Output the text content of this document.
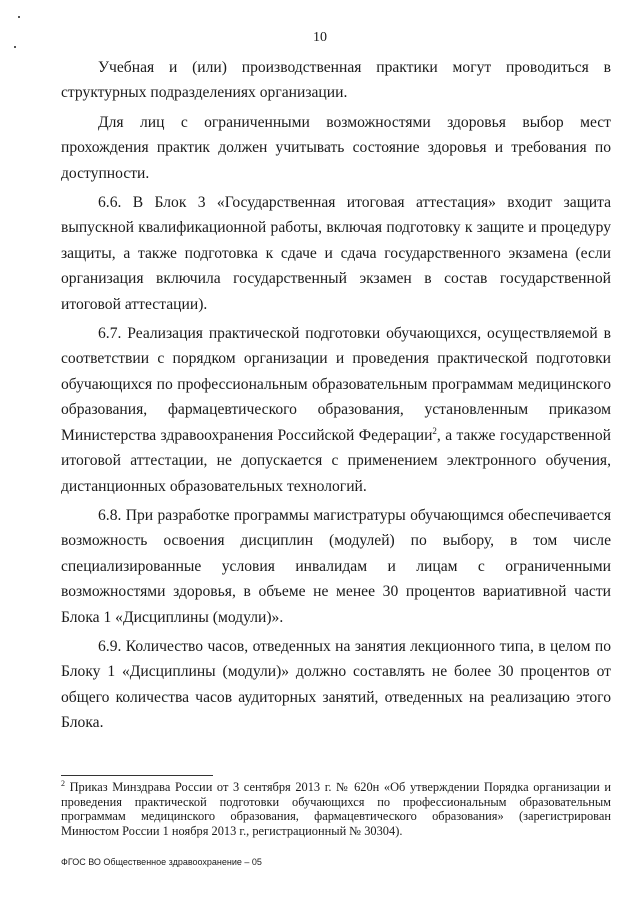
10

Учебная и (или) производственная практики могут проводиться в структурных подразделениях организации.

Для лиц с ограниченными возможностями здоровья выбор мест прохождения практик должен учитывать состояние здоровья и требования по доступности.

6.6. В Блок 3 «Государственная итоговая аттестация» входит защита выпускной квалификационной работы, включая подготовку к защите и процедуру защиты, а также подготовка к сдаче и сдача государственного экзамена (если организация включила государственный экзамен в состав государственной итоговой аттестации).

6.7. Реализация практической подготовки обучающихся, осуществляемой в соответствии с порядком организации и проведения практической подготовки обучающихся по профессиональным образовательным программам медицинского образования, фармацевтического образования, установленным приказом Министерства здравоохранения Российской Федерации$^2$, а также государственной итоговой аттестации, не допускается с применением электронного обучения, дистанционных образовательных технологий.

6.8. При разработке программы магистратуры обучающимся обеспечивается возможность освоения дисциплин (модулей) по выбору, в том числе специализированные условия инвалидам и лицам с ограниченными возможностями здоровья, в объеме не менее 30 процентов вариативной части Блока 1 «Дисциплины (модули)».

6.9. Количество часов, отведенных на занятия лекционного типа, в целом по Блоку 1 «Дисциплины (модули)» должно составлять не более 30 процентов от общего количества часов аудиторных занятий, отведенных на реализацию этого Блока.

$^2$ Приказ Минздрава России от 3 сентября 2013 г. № 620н «Об утверждении Порядка организации и проведения практической подготовки обучающихся по профессиональным образовательным программам медицинского образования, фармацевтического образования» (зарегистрирован Минюстом России 1 ноября 2013 г., регистрационный № 30304).

ФГОС ВО Общественное здравоохранение – 05
